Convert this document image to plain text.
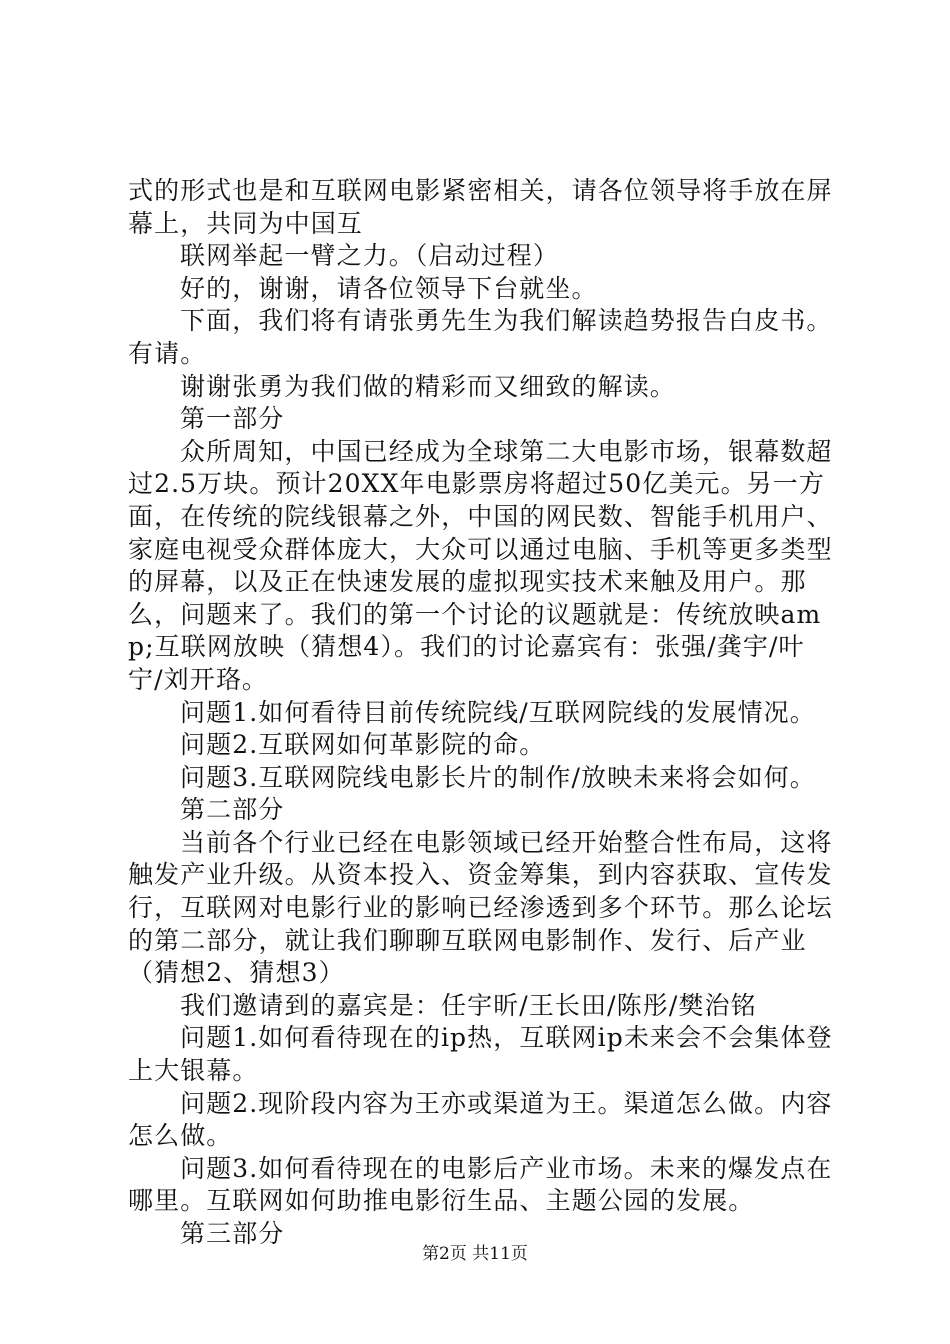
式的形式也是和互联网电影紧密相关，请各位领导将手放在屏幕上，共同为中国互

联网举起一臂之力。（启动过程）

好的，谢谢，请各位领导下台就坐。

下面，我们将有请张勇先生为我们解读趋势报告白皮书。有请。

谢谢张勇为我们做的精彩而又细致的解读。

第一部分

众所周知，中国已经成为全球第二大电影市场，银幕数超过2.5万块。预计20XX年电影票房将超过50亿美元。另一方面，在传统的院线银幕之外，中国的网民数、智能手机用户、家庭电视受众群体庞大，大众可以通过电脑、手机等更多类型的屏幕，以及正在快速发展的虚拟现实技术来触及用户。那么，问题来了。我们的第一个讨论的议题就是：传统放映amp;互联网放映（猜想4）。我们的讨论嘉宾有：张强/龚宇/叶宁/刘开珞。

问题1.如何看待目前传统院线/互联网院线的发展情况。

问题2.互联网如何革影院的命。

问题3.互联网院线电影长片的制作/放映未来将会如何。

第二部分

当前各个行业已经在电影领域已经开始整合性布局，这将触发产业升级。从资本投入、资金筹集，到内容获取、宣传发行，互联网对电影行业的影响已经渗透到多个环节。那么论坛的第二部分，就让我们聊聊互联网电影制作、发行、后产业（猜想2、猜想3）

我们邀请到的嘉宾是：任宇昕/王长田/陈彤/樊治铭

问题1.如何看待现在的ip热，互联网ip未来会不会集体登上大银幕。

问题2.现阶段内容为王亦或渠道为王。渠道怎么做。内容怎么做。

问题3.如何看待现在的电影后产业市场。未来的爆发点在哪里。互联网如何助推电影衍生品、主题公园的发展。

第三部分

第2页 共11页
